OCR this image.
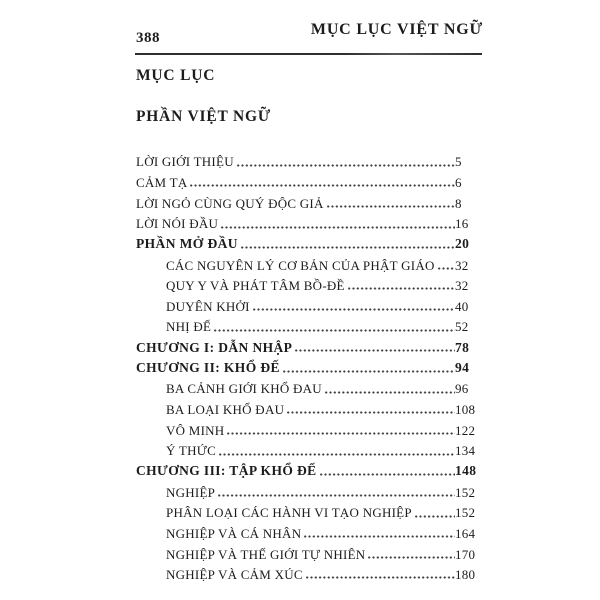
388	MỤC LỤC VIỆT NGỮ
MỤC LỤC
PHẦN VIỆT NGỮ
LỜI GIỚI THIỆU	5
CẢM TẠ	6
LỜI NGỎ CÙNG QUÝ ĐỘC GIẢ	8
LỜI NÓI ĐẦU	16
PHẦN MỞ ĐẦU	20
CÁC NGUYÊN LÝ CƠ BẢN CỦA PHẬT GIÁO 32
QUY Y VÀ PHÁT TÂM BỒ-ĐỀ	32
DUYÊN KHỞI	40
NHỊ ĐẾ	52
CHƯƠNG I: DẪN NHẬP	78
CHƯƠNG II: KHỔ ĐẾ	94
BA CẢNH GIỚI KHỔ ĐAU	96
BA LOẠI KHỔ ĐAU	108
VÔ MINH	122
Ý THỨC	134
CHƯƠNG III: TẬP KHỔ ĐẾ	148
NGHIỆP	152
PHÂN LOẠI CÁC HÀNH VI TẠO NGHIỆP	152
NGHIỆP VÀ CÁ NHÂN	164
NGHIỆP VÀ THẾ GIỚI TỰ NHIÊN	170
NGHIỆP VÀ CẢM XÚC	180
